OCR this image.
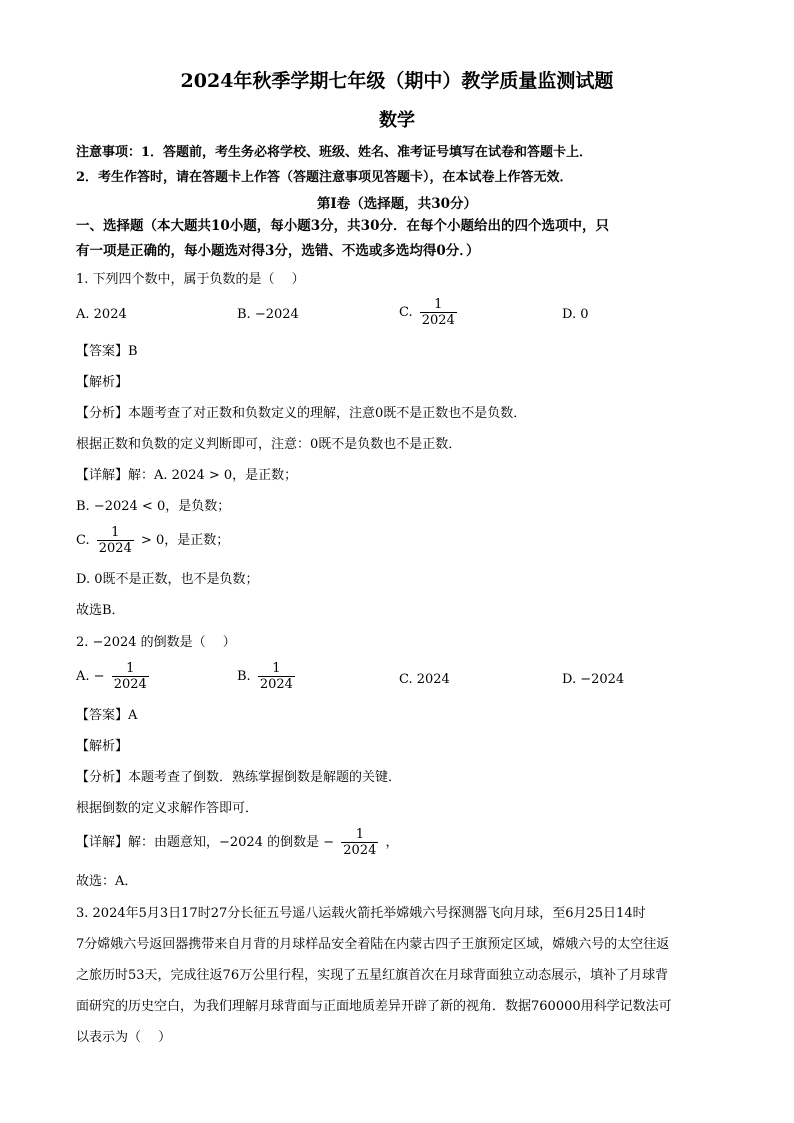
2024年秋季学期七年级（期中）教学质量监测试题
数学
注意事项：1．答题前，考生务必将学校、班级、姓名、准考证号填写在试卷和答题卡上．
2．考生作答时，请在答题卡上作答（答题注意事项见答题卡），在本试卷上作答无效．
第Ⅰ卷（选择题，共30分）
一、选择题（本大题共10小题，每小题3分，共30分．在每个小题给出的四个选项中，只
有一项是正确的，每小题选对得3分，选错、不选或多选均得0分．）
1. 下列四个数中，属于负数的是（　 ）
A. 2024	B. −2024	C. $\frac{1}{2024}$	D. 0
【答案】B
【解析】
【分析】本题考查了对正数和负数定义的理解，注意0既不是正数也不是负数．
根据正数和负数的定义判断即可，注意：0既不是负数也不是正数．
【详解】解：A. 2024 > 0，是正数；
B. −2024 < 0，是负数；
C. $\frac{1}{2024} > 0$，是正数；
D. 0既不是正数，也不是负数；
故选B．
2. −2024 的倒数是（　 ）
A. − $\frac{1}{2024}$	B. $\frac{1}{2024}$	C. 2024	D. −2024
【答案】A
【解析】
【分析】本题考查了倒数．熟练掌握倒数是解题的关键．
根据倒数的定义求解作答即可．
【详解】解：由题意知，−2024 的倒数是 − $\frac{1}{2024}$ ，
故选：A．
3. 2024年5月3日17时27分长征五号遥八运载火箭托举嫦娥六号探测器飞向月球，至6月25日14时
7分嫦娥六号返回器携带来自月背的月球样品安全着陆在内蒙古四子王旗预定区域，嫦娥六号的太空往返
之旅历时53天，完成往返76万公里行程，实现了五星红旗首次在月球背面独立动态展示，填补了月球背
面研究的历史空白，为我们理解月球背面与正面地质差异开辟了新的视角．数据760000用科学记数法可
以表示为（　 ）
